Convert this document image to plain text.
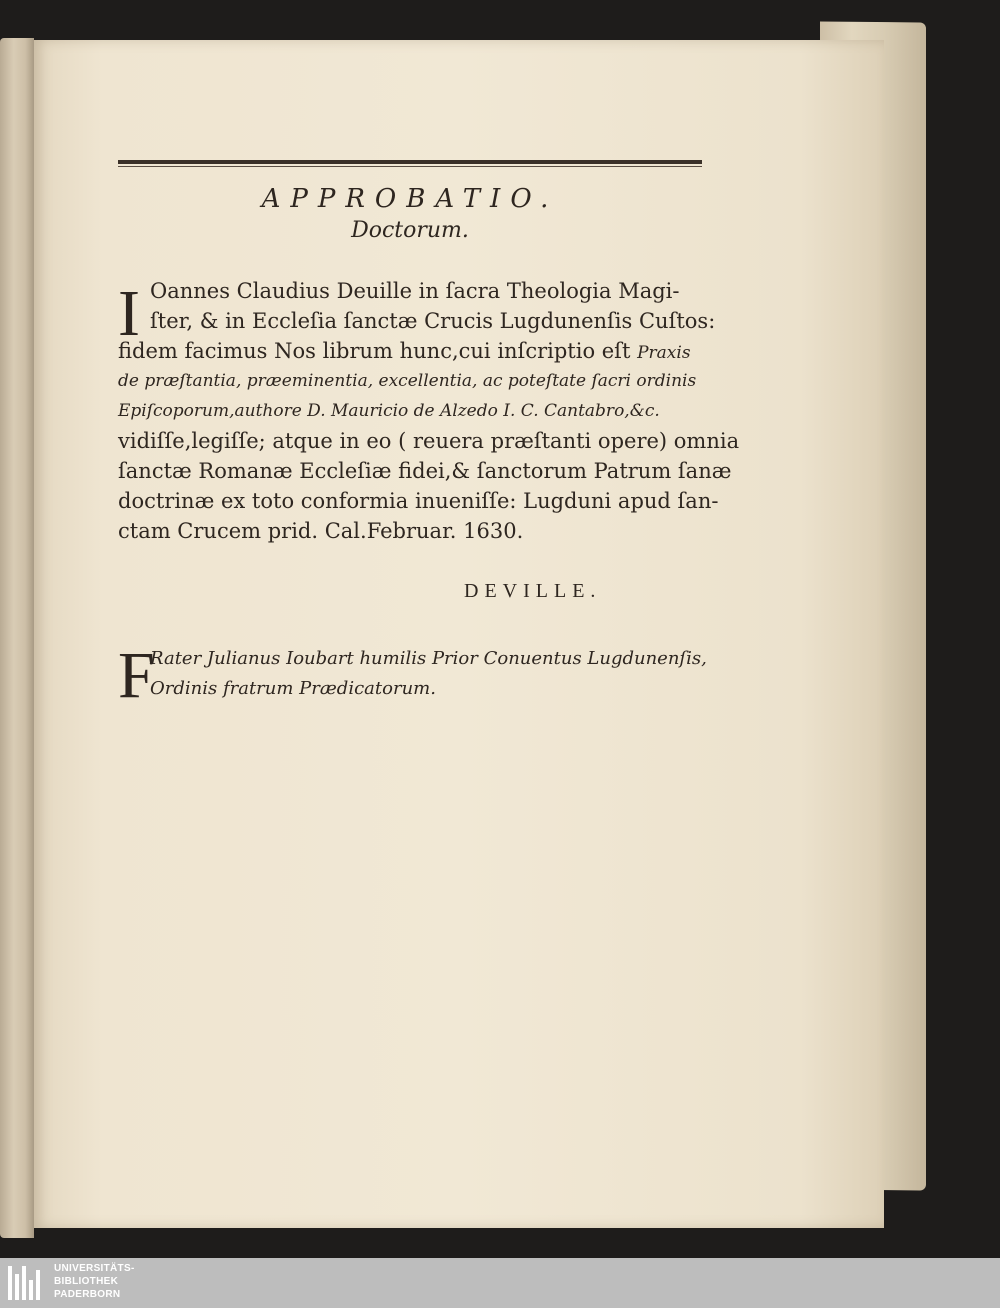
APPROBATIO.
Doctorum.
I Oannes Claudius Deuille in ſacra Theologia Magi-
ſter, & in Eccleſia ſanctæ Crucis Lugdunenſis Cuſtos:
fidem facimus Nos librum hunc,cui inſcriptio eſt Praxis
de præſtantia, præeminentia, excellentia, ac poteſtate ſacri ordinis
Epiſcoporum,authore D. Mauricio de Alzedo I. C. Cantabro,&c.
vidiſſe,legiſſe; atque in eo ( reuera præſtanti opere) omnia
ſanctæ Romanæ Eccleſiæ fidei,& ſanctorum Patrum ſanæ
doctrinæ ex toto conformia inueniſſe: Lugduni apud ſan-
ctam Crucem prid. Cal.Februar. 1630.
DEVILLE.
F
Rater Julianus Ioubart humilis Prior Conuentus Lugdunenſis,
Ordinis fratrum Prædicatorum.
UNIVERSITÄTS-
BIBLIOTHEK
PADERBORN
